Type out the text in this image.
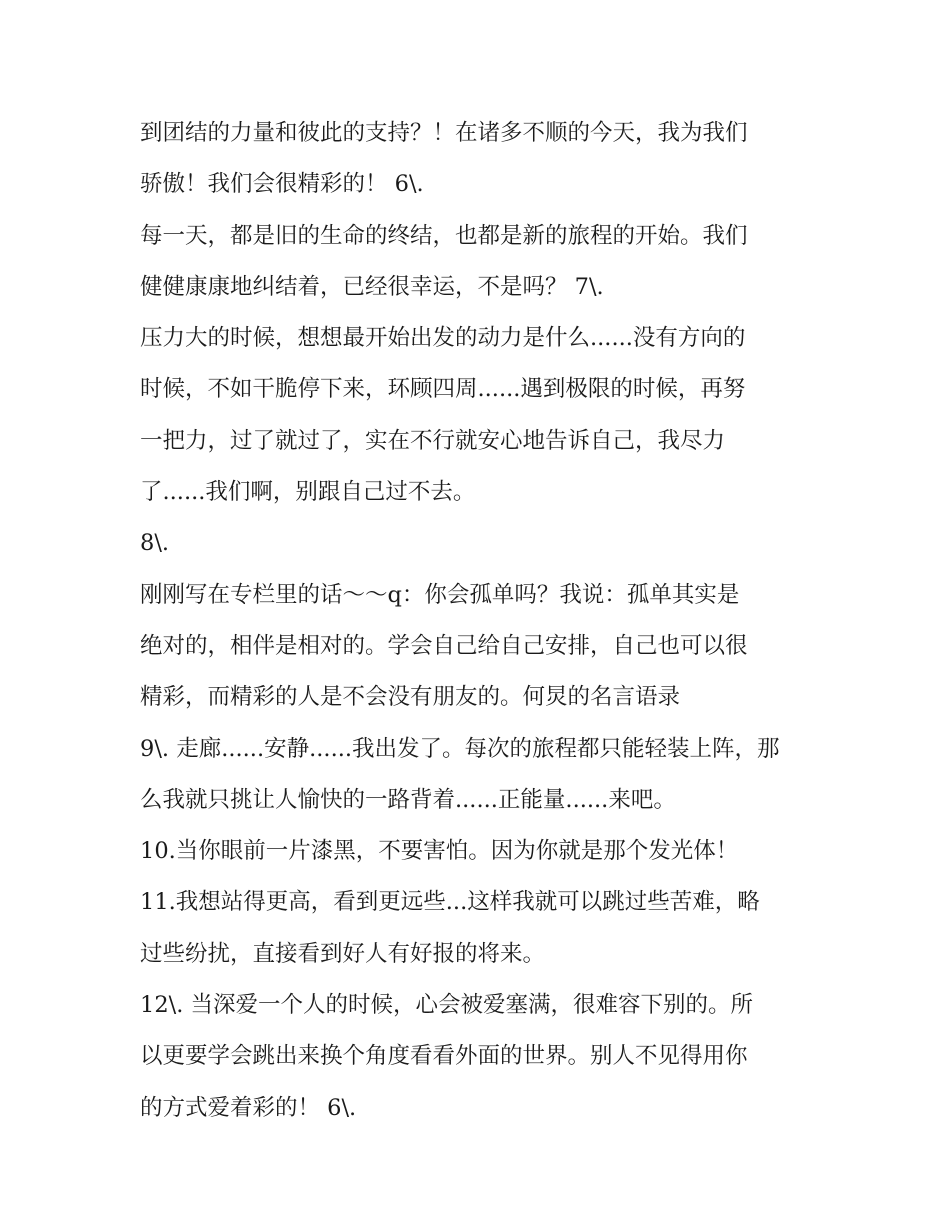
到团结的力量和彼此的支持？！在诸多不顺的今天，我为我们
骄傲！我们会很精彩的！ 6\.
每一天，都是旧的生命的终结，也都是新的旅程的开始。我们
健健康康地纠结着，已经很幸运，不是吗？ 7\.
压力大的时候，想想最开始出发的动力是什么......没有方向的
时候，不如干脆停下来，环顾四周......遇到极限的时候，再努
一把力，过了就过了，实在不行就安心地告诉自己，我尽力
了......我们啊，别跟自己过不去。
8\.
刚刚写在专栏里的话～～q：你会孤单吗？我说：孤单其实是
绝对的，相伴是相对的。学会自己给自己安排，自己也可以很
精彩，而精彩的人是不会没有朋友的。何炅的名言语录
9\. 走廊......安静......我出发了。每次的旅程都只能轻装上阵，那
么我就只挑让人愉快的一路背着......正能量......来吧。
10.当你眼前一片漆黑，不要害怕。因为你就是那个发光体！
11.我想站得更高，看到更远些...这样我就可以跳过些苦难，略
过些纷扰，直接看到好人有好报的将来。
12\. 当深爱一个人的时候，心会被爱塞满，很难容下别的。所
以更要学会跳出来换个角度看看外面的世界。别人不见得用你
的方式爱着彩的！ 6\.
